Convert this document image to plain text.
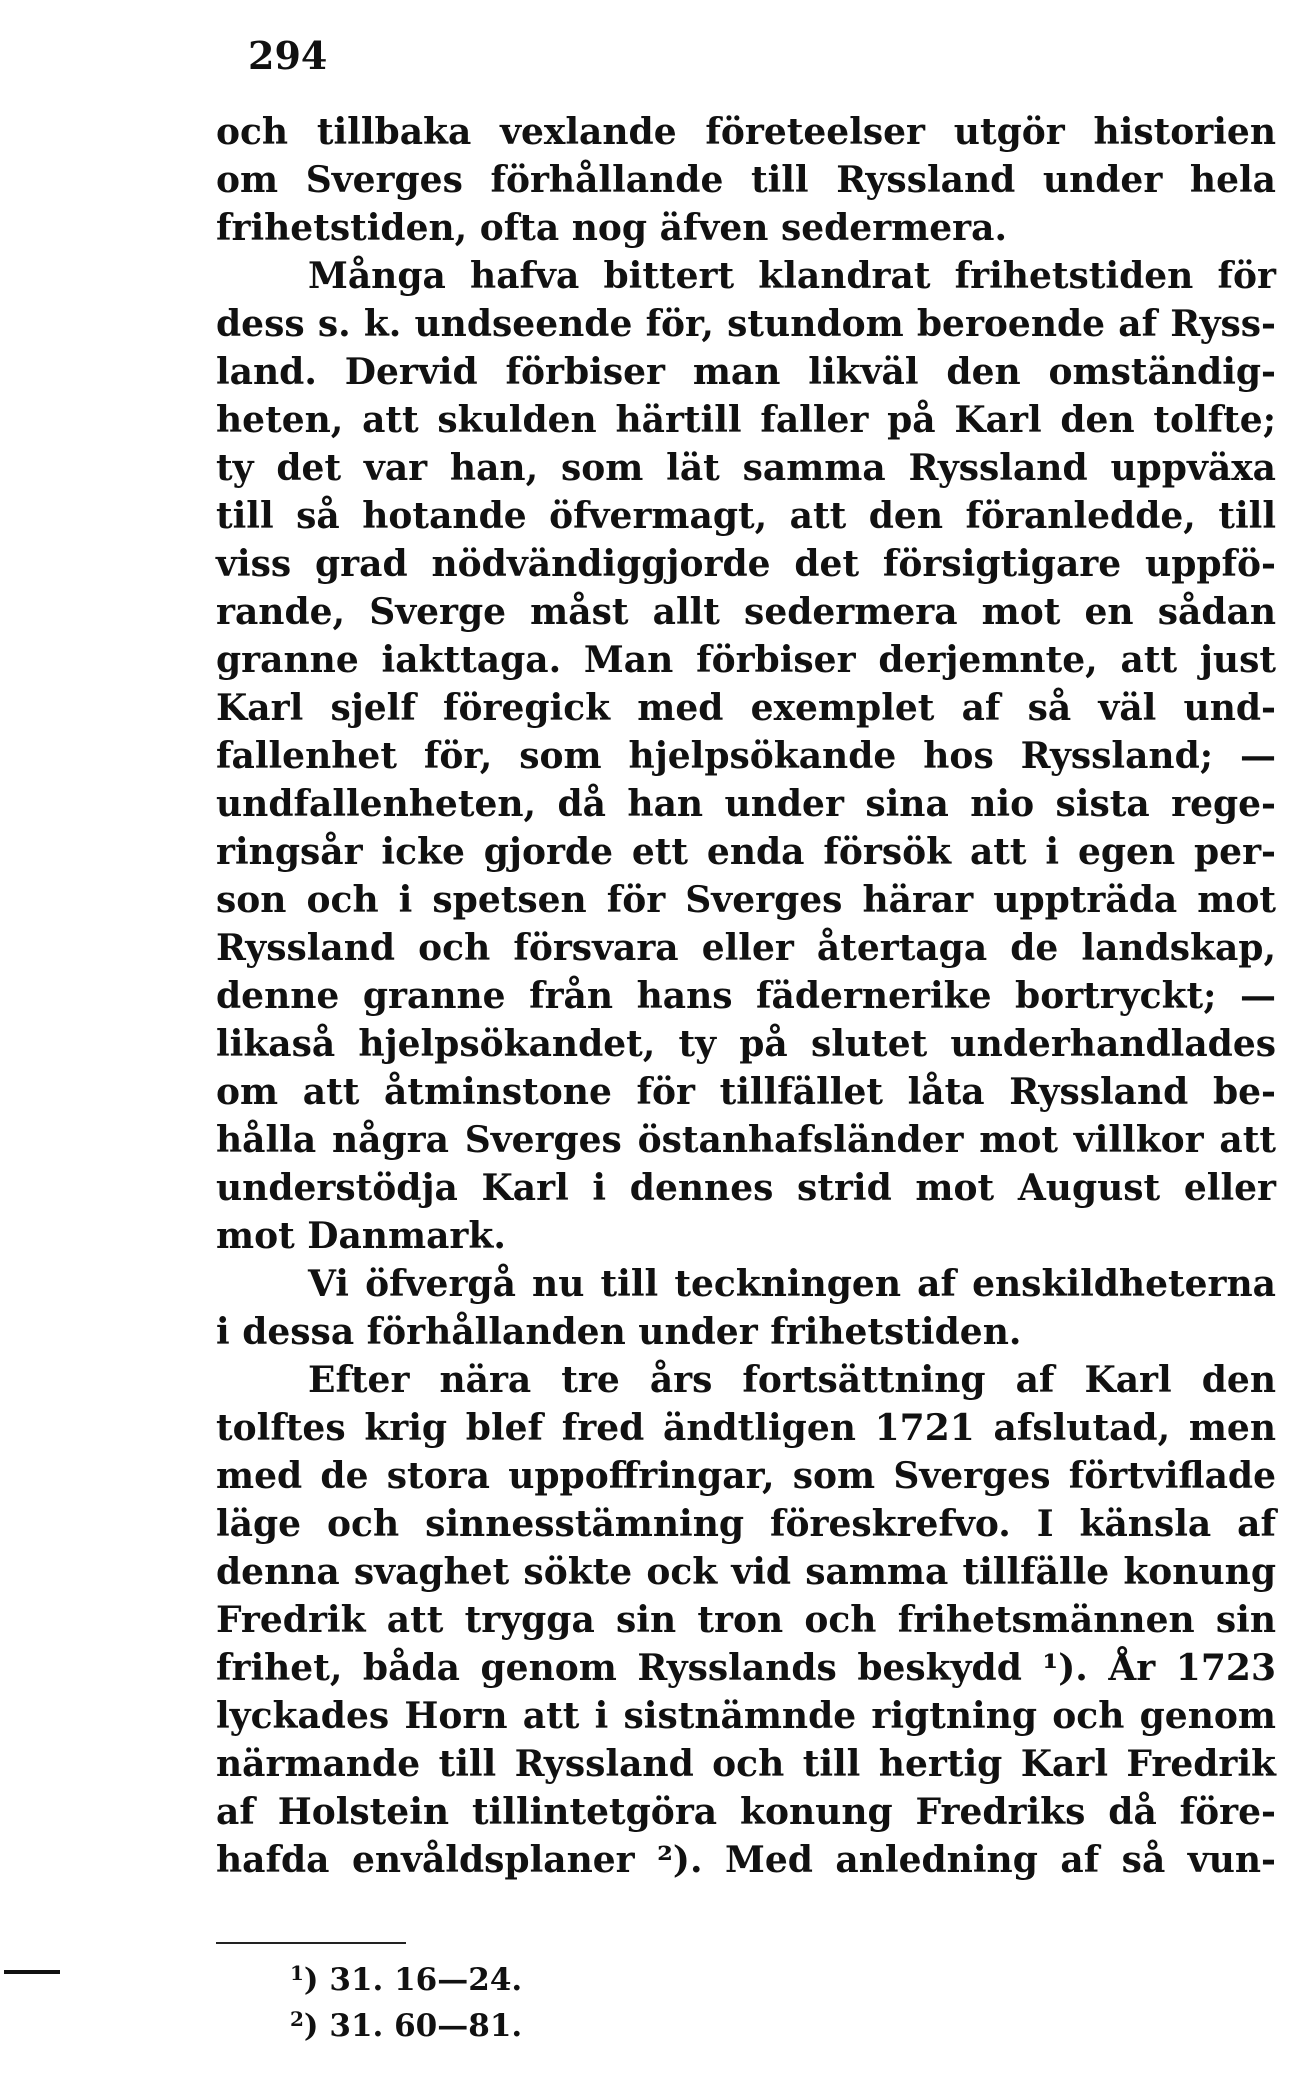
294
och tillbaka vexlande företeelser utgör historien
om Sverges förhållande till Ryssland under hela
frihetstiden, ofta nog äfven sedermera.
Många hafva bittert klandrat frihetstiden för
dess s. k. undseende för, stundom beroende af Ryss-
land. Dervid förbiser man likväl den omständig-
heten, att skulden härtill faller på Karl den tolfte;
ty det var han, som lät samma Ryssland uppväxa
till så hotande öfvermagt, att den föranledde, till
viss grad nödvändiggjorde det försigtigare uppfö-
rande, Sverge måst allt sedermera mot en sådan
granne iakttaga. Man förbiser derjemnte, att just
Karl sjelf föregick med exemplet af så väl und-
fallenhet för, som hjelpsökande hos Ryssland; —
undfallenheten, då han under sina nio sista rege-
ringsår icke gjorde ett enda försök att i egen per-
son och i spetsen för Sverges härar uppträda mot
Ryssland och försvara eller återtaga de landskap,
denne granne från hans fädernerike bortryckt; —
likaså hjelpsökandet, ty på slutet underhandlades
om att åtminstone för tillfället låta Ryssland be-
hålla några Sverges östanhafsländer mot villkor att
understödja Karl i dennes strid mot August eller
mot Danmark.
Vi öfvergå nu till teckningen af enskildheterna
i dessa förhållanden under frihetstiden.
Efter nära tre års fortsättning af Karl den
tolftes krig blef fred ändtligen 1721 afslutad, men
med de stora uppoffringar, som Sverges förtviflade
läge och sinnesstämning föreskrefvo. I känsla af
denna svaghet sökte ock vid samma tillfälle konung
Fredrik att trygga sin tron och frihetsmännen sin
frihet, båda genom Rysslands beskydd ¹). År 1723
lyckades Horn att i sistnämnde rigtning och genom
närmande till Ryssland och till hertig Karl Fredrik
af Holstein tillintetgöra konung Fredriks då före-
hafda envåldsplaner ²). Med anledning af så vun-
$^1$) 31. 16—24.
$^2$) 31. 60—81.
